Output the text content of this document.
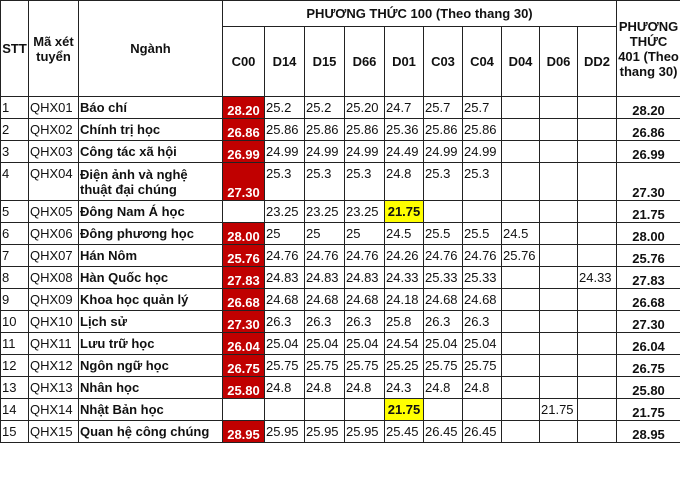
STT	Mã xét tuyển	Ngành	PHƯƠNG THỨC 100 (Theo thang 30)										PHƯƠNG THỨC 401 (Theo thang 30)
			C00	D14	D15	D66	D01	C03	C04	D04	D06	DD2	
1	QHX01	Báo chí	28.20	25.2	25.2	25.20	24.7	25.7	25.7				28.20
2	QHX02	Chính trị học	26.86	25.86	25.86	25.86	25.36	25.86	25.86				26.86
3	QHX03	Công tác xã hội	26.99	24.99	24.99	24.99	24.49	24.99	24.99				26.99
4	QHX04	Điện ảnh và nghệ thuật đại chúng	27.30	25.3	25.3	25.3	24.8	25.3	25.3				27.30
5	QHX05	Đông Nam Á học		23.25	23.25	23.25	21.75						21.75
6	QHX06	Đông phương học	28.00	25	25	25	24.5	25.5	25.5	24.5			28.00
7	QHX07	Hán Nôm	25.76	24.76	24.76	24.76	24.26	24.76	24.76	25.76			25.76
8	QHX08	Hàn Quốc học	27.83	24.83	24.83	24.83	24.33	25.33	25.33			24.33	27.83
9	QHX09	Khoa học quản lý	26.68	24.68	24.68	24.68	24.18	24.68	24.68				26.68
10	QHX10	Lịch sử	27.30	26.3	26.3	26.3	25.8	26.3	26.3				27.30
11	QHX11	Lưu trữ học	26.04	25.04	25.04	25.04	24.54	25.04	25.04				26.04
12	QHX12	Ngôn ngữ học	26.75	25.75	25.75	25.75	25.25	25.75	25.75				26.75
13	QHX13	Nhân học	25.80	24.8	24.8	24.8	24.3	24.8	24.8				25.80
14	QHX14	Nhật Bản học					21.75				21.75		21.75
15	QHX15	Quan hệ công chúng	28.95	25.95	25.95	25.95	25.45	26.45	26.45				28.95
